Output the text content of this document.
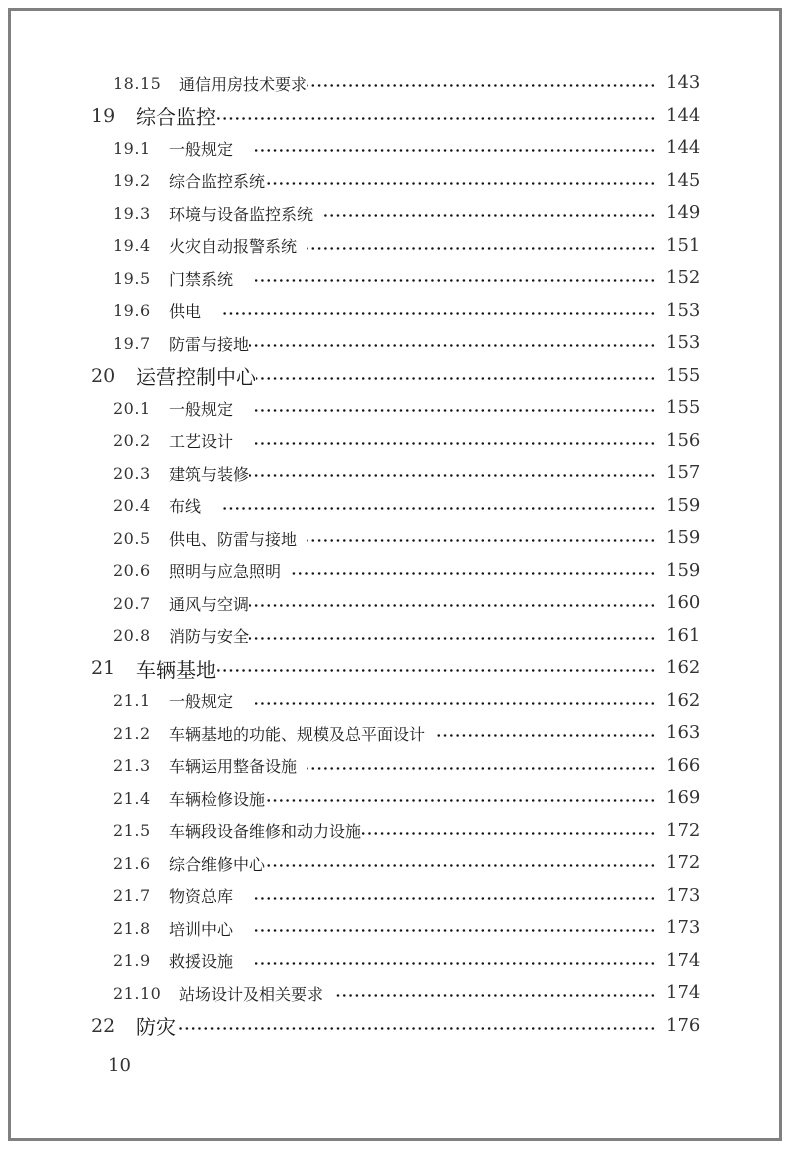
18.15	通信用房技术要求	143
19	综合监控	144
19.1	一般规定	144
19.2	综合监控系统	145
19.3	环境与设备监控系统	149
19.4	火灾自动报警系统	151
19.5	门禁系统	152
19.6	供电	153
19.7	防雷与接地	153
20	运营控制中心	155
20.1	一般规定	155
20.2	工艺设计	156
20.3	建筑与装修	157
20.4	布线	159
20.5	供电、防雷与接地	159
20.6	照明与应急照明	159
20.7	通风与空调	160
20.8	消防与安全	161
21	车辆基地	162
21.1	一般规定	162
21.2	车辆基地的功能、规模及总平面设计	163
21.3	车辆运用整备设施	166
21.4	车辆检修设施	169
21.5	车辆段设备维修和动力设施	172
21.6	综合维修中心	172
21.7	物资总库	173
21.8	培训中心	173
21.9	救援设施	174
21.10	站场设计及相关要求	174
22	防灾	176
10
